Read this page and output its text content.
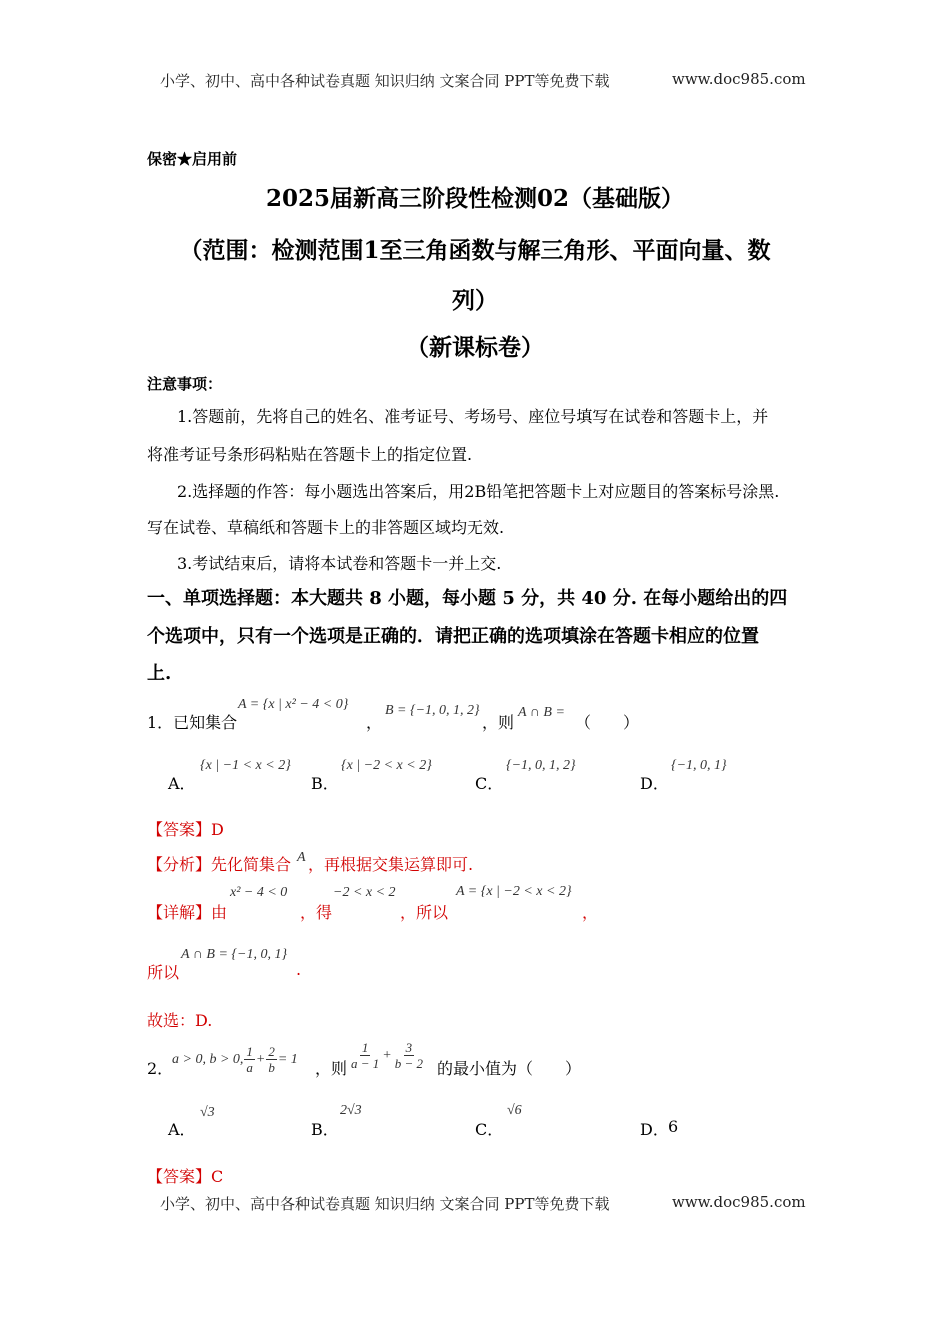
小学、初中、高中各种试卷真题 知识归纳 文案合同 PPT等免费下载	www.doc985.com
保密★启用前
2025届新高三阶段性检测02（基础版）
（范围：检测范围1至三角函数与解三角形、平面向量、数
列）
（新课标卷）
注意事项：
1.答题前，先将自己的姓名、准考证号、考场号、座位号填写在试卷和答题卡上，并
将准考证号条形码粘贴在答题卡上的指定位置.
2.选择题的作答：每小题选出答案后，用2B铅笔把答题卡上对应题目的答案标号涂黑.
写在试卷、草稿纸和答题卡上的非答题区域均无效.
3.考试结束后，请将本试卷和答题卡一并上交.
一、单项选择题：本大题共 8 小题，每小题 5 分，共 40 分. 在每小题给出的四
个选项中，只有一个选项是正确的．请把正确的选项填涂在答题卡相应的位置
上.
1．已知集合
A = {x | x² − 4 < 0}
，
B = {−1, 0, 1, 2}
，则
A ∩ B =
（　　）
A．
{x | −1 < x < 2}
B．
{x | −2 < x < 2}
C．
{−1, 0, 1, 2}
D．
{−1, 0, 1}
【答案】D
【分析】 先化简集合 A ，再根据交集运算即可.
【详解】 由
x² − 4 < 0
，得
−2 < x < 2
，所以
A = {x | −2 < x < 2}
，
所以
A ∩ B = {−1, 0, 1}
.
故选：D.
2．
a > 0, b > 0, $\frac{1}{a} + \frac{2}{b} = 1$ ，则 $\frac{1}{a - 1} + \frac{3}{b - 2}$ 的最小值为（　　）
A．
√3
B．
2√3
C．
√6
D． 6
【答案】C
小学、初中、高中各种试卷真题 知识归纳 文案合同 PPT等免费下载	www.doc985.com
